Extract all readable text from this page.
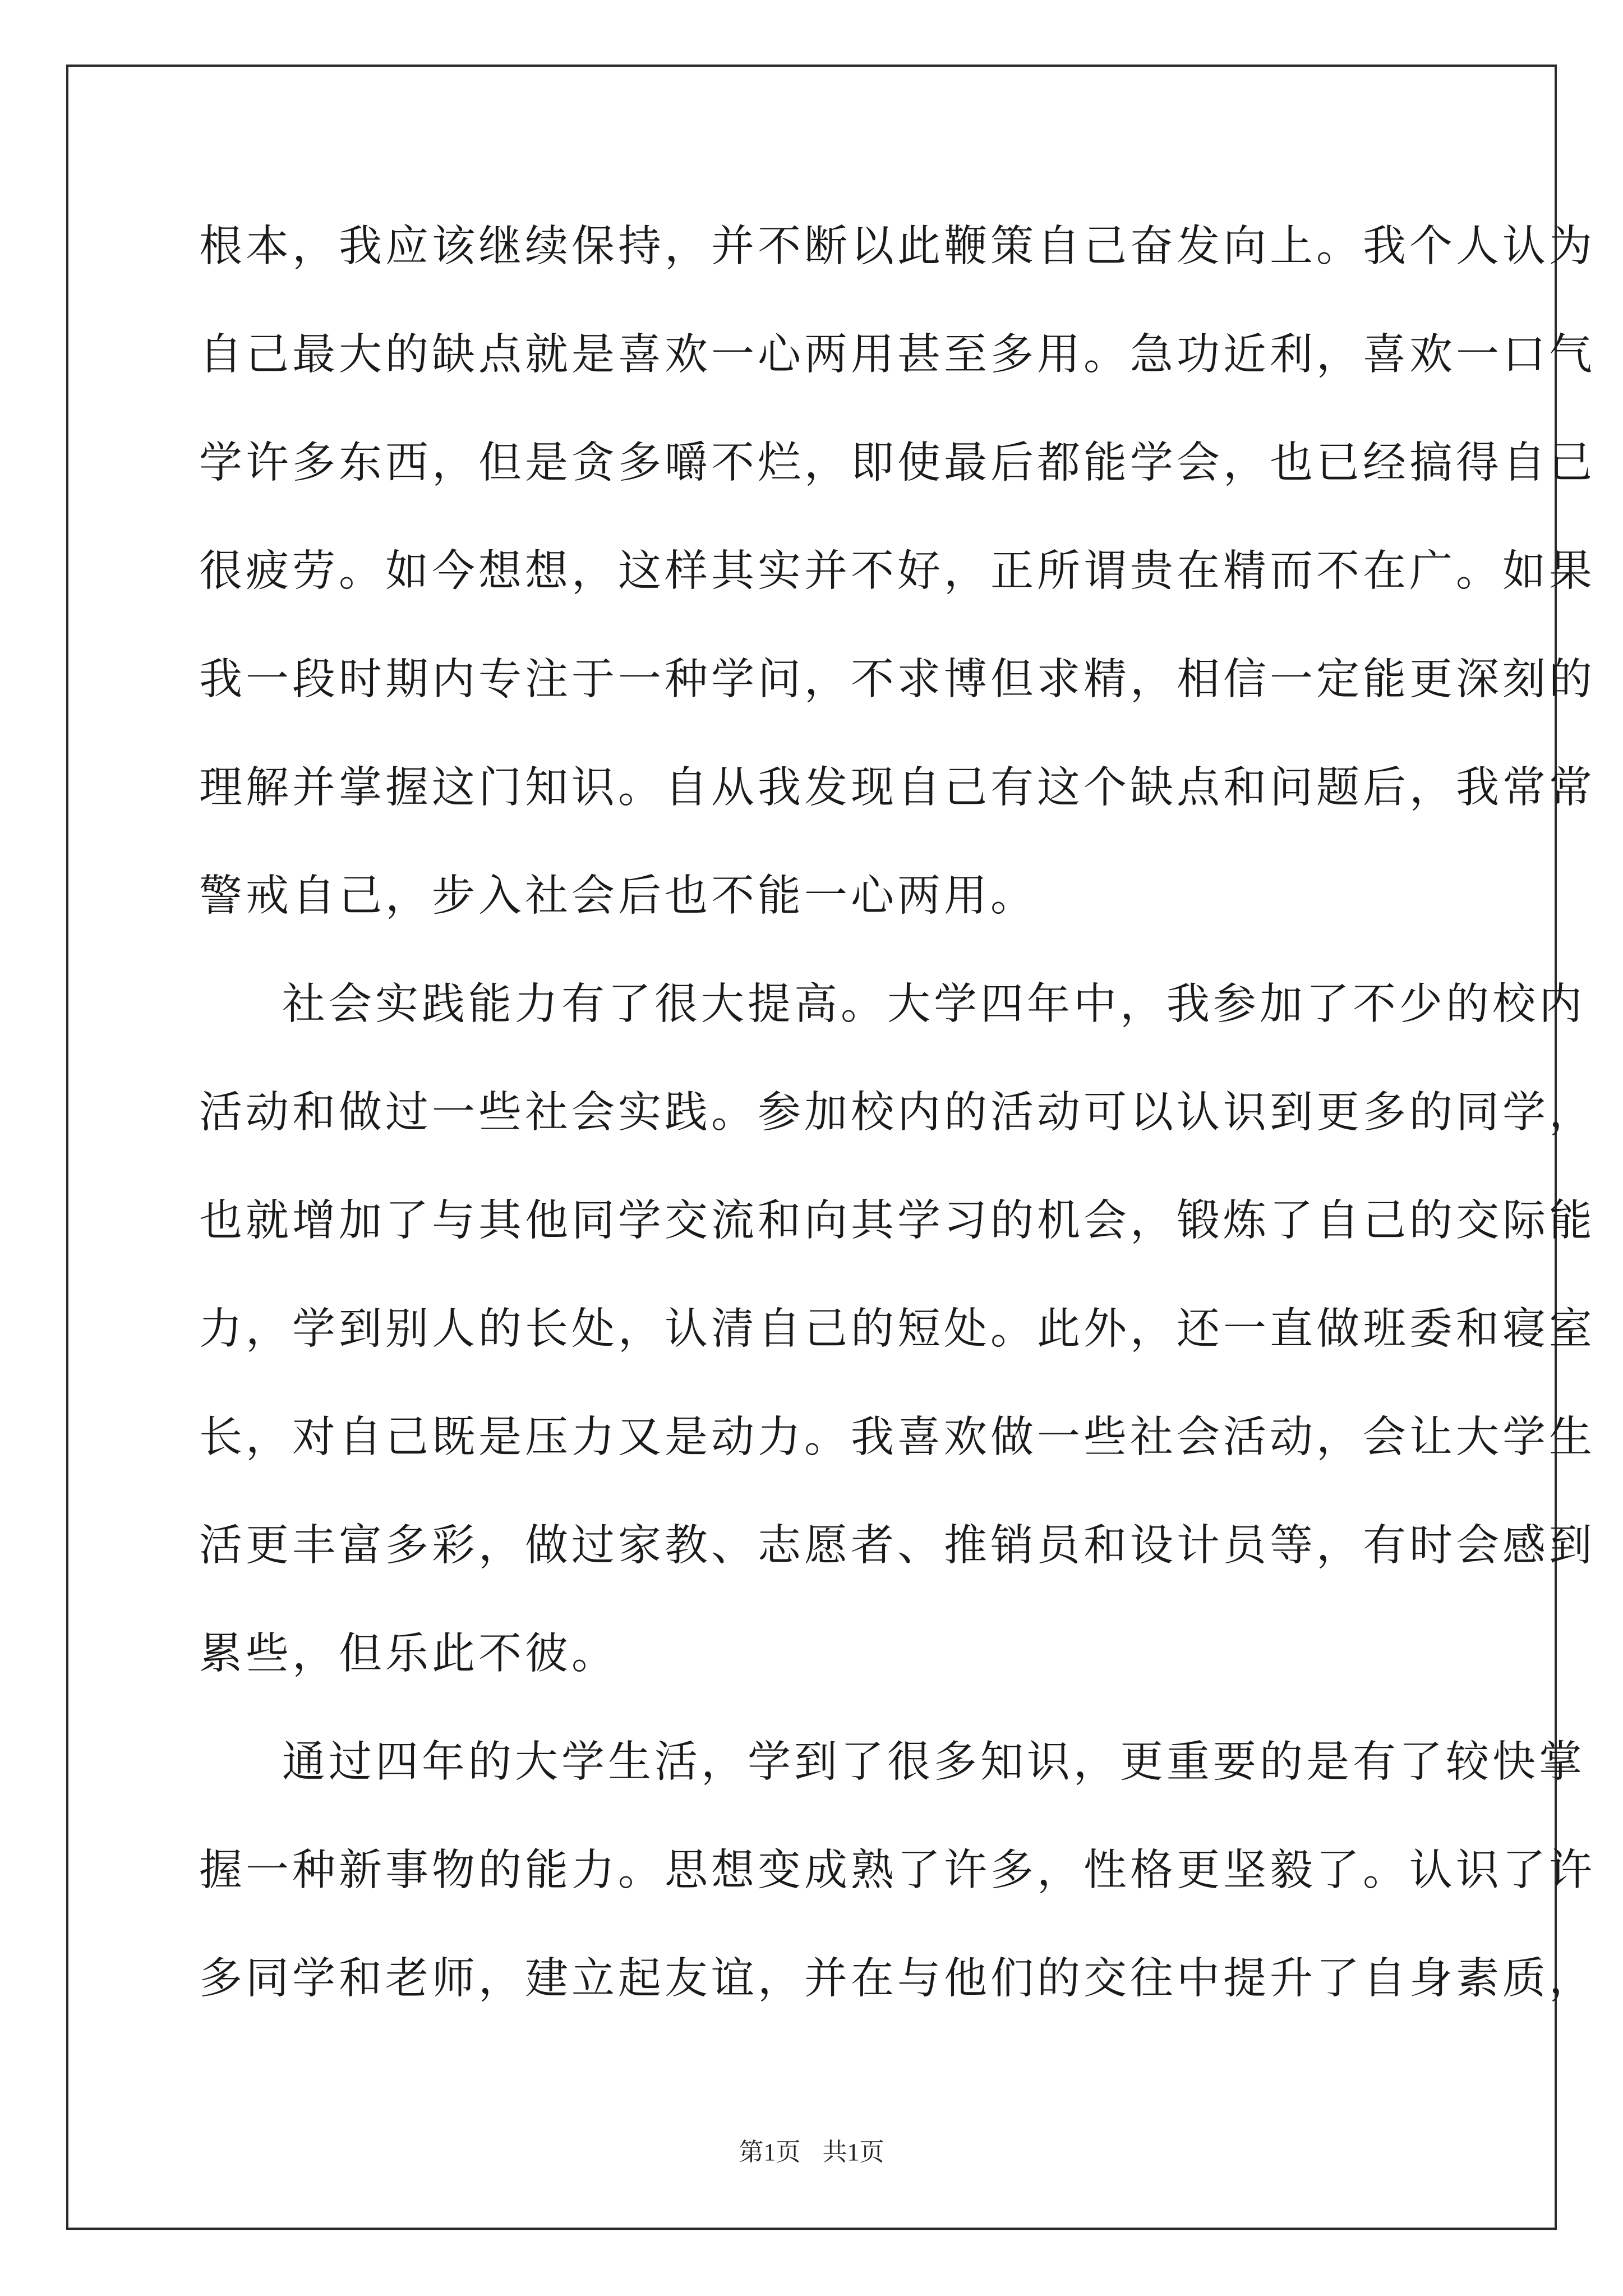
根本，我应该继续保持，并不断以此鞭策自己奋发向上。我个人认为
自己最大的缺点就是喜欢一心两用甚至多用。急功近利，喜欢一口气
学许多东西，但是贪多嚼不烂，即使最后都能学会，也已经搞得自己
很疲劳。如今想想，这样其实并不好，正所谓贵在精而不在广。如果
我一段时期内专注于一种学问，不求博但求精，相信一定能更深刻的
理解并掌握这门知识。自从我发现自己有这个缺点和问题后，我常常
警戒自己，步入社会后也不能一心两用。
社会实践能力有了很大提高。大学四年中，我参加了不少的校内
活动和做过一些社会实践。参加校内的活动可以认识到更多的同学，
也就增加了与其他同学交流和向其学习的机会，锻炼了自己的交际能
力，学到别人的长处，认清自己的短处。此外，还一直做班委和寝室
长，对自己既是压力又是动力。我喜欢做一些社会活动，会让大学生
活更丰富多彩，做过家教、志愿者、推销员和设计员等，有时会感到
累些，但乐此不彼。
通过四年的大学生活，学到了很多知识，更重要的是有了较快掌
握一种新事物的能力。思想变成熟了许多，性格更坚毅了。认识了许
多同学和老师，建立起友谊，并在与他们的交往中提升了自身素质，
第1页 共1页
